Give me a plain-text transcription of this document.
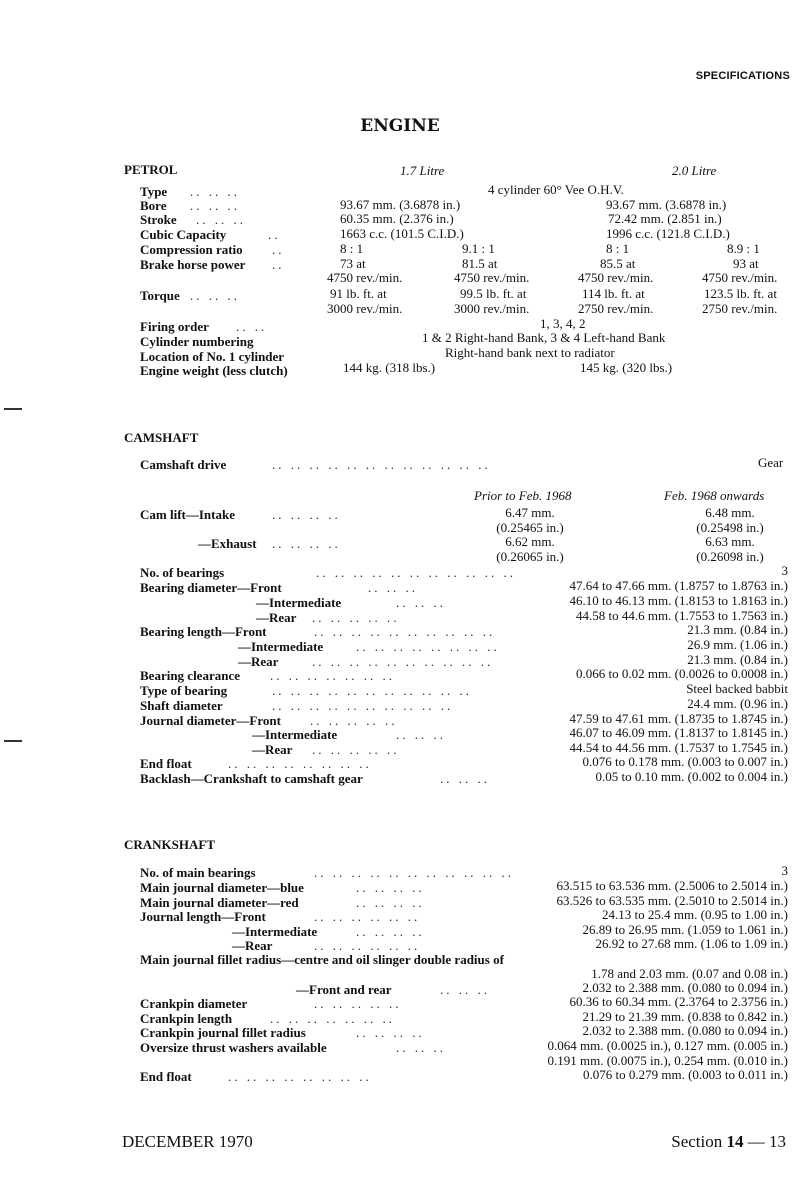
SPECIFICATIONS
ENGINE
PETROL	1.7 Litre	2.0 Litre
Type .. .. ..	4 cylinder 60° Vee O.H.V.
Bore .. .. ..	93.67 mm. (3.6878 in.)	93.67 mm. (3.6878 in.)
Stroke .. .. ..	60.35 mm. (2.376 in.)	72.42 mm. (2.851 in.)
Cubic Capacity	..	1663 c.c. (101.5 C.I.D.)	1996 c.c. (121.8 C.I.D.)
Compression ratio ..	8 : 1	9.1 : 1	8 : 1	8.9 : 1
Brake horse power ..	73 at	81.5 at	85.5 at	93 at
4750 rev./min.	4750 rev./min.	4750 rev./min.	4750 rev./min.
Torque .. .. ..	91 lb. ft. at	99.5 lb. ft. at	114 lb. ft. at	123.5 lb. ft. at
3000 rev./min.	3000 rev./min.	2750 rev./min.	2750 rev./min.
Firing order .. ..	1, 3, 4, 2
Cylinder numbering	1 & 2 Right-hand Bank, 3 & 4 Left-hand Bank
Location of No. 1 cylinder	Right-hand bank next to radiator
Engine weight (less clutch)	144 kg. (318 lbs.)	145 kg. (320 lbs.)
CAMSHAFT
Camshaft drive	.. .. .. .. .. .. .. .. .. .. .. ..	Gear
Prior to Feb. 1968	Feb. 1968 onwards
Cam lift—Intake	.. .. .. ..	6.47 mm.	6.48 mm.
(0.25465 in.)	(0.25498 in.)
—Exhaust .. .. .. ..	6.62 mm.	6.63 mm.
(0.26065 in.)	(0.26098 in.)
No. of bearings	.. .. .. .. .. .. .. .. .. .. ..	3
Bearing diameter—Front	.. .. ..	47.64 to 47.66 mm. (1.8757 to 1.8763 in.)
—Intermediate	.. .. ..	46.10 to 46.13 mm. (1.8153 to 1.8163 in.)
—Rear .. .. .. .. ..	44.58 to 44.6 mm. (1.7553 to 1.7563 in.)
Bearing length—Front	.. .. .. .. .. .. .. .. .. ..	21.3 mm. (0.84 in.)
—Intermediate	.. .. .. .. .. .. .. ..	26.9 mm. (1.06 in.)
—Rear	.. .. .. .. .. .. .. .. .. ..	21.3 mm. (0.84 in.)
Bearing clearance .. .. .. .. .. .. ..	0.066 to 0.02 mm. (0.0026 to 0.0008 in.)
Type of bearing	.. .. .. .. .. .. .. .. .. .. ..	Steel backed babbit
Shaft diameter	.. .. .. .. .. .. .. .. .. ..	24.4 mm. (0.96 in.)
Journal diameter—Front .. .. .. .. ..	47.59 to 47.61 mm. (1.8735 to 1.8745 in.)
—Intermediate	.. .. ..	46.07 to 46.09 mm. (1.8137 to 1.8145 in.)
—Rear .. .. .. .. ..	44.54 to 44.56 mm. (1.7537 to 1.7545 in.)
End float	.. .. .. .. .. .. .. ..	0.076 to 0.178 mm. (0.003 to 0.007 in.)
Backlash—Crankshaft to camshaft gear	.. .. ..	0.05 to 0.10 mm. (0.002 to 0.004 in.)
CRANKSHAFT
No. of main bearings	.. .. .. .. .. .. .. .. .. .. ..	3
Main journal diameter—blue	.. .. .. ..	63.515 to 63.536 mm. (2.5006 to 2.5014 in.)
Main journal diameter—red	.. .. .. ..	63.526 to 63.535 mm. (2.5010 to 2.5014 in.)
Journal length—Front	.. .. .. .. .. ..	24.13 to 25.4 mm. (0.95 to 1.00 in.)
—Intermediate	.. .. .. ..	26.89 to 26.95 mm. (1.059 to 1.061 in.)
—Rear	.. .. .. .. .. ..	26.92 to 27.68 mm. (1.06 to 1.09 in.)
Main journal fillet radius—centre and oil slinger double radius of
1.78 and 2.03 mm. (0.07 and 0.08 in.)
—Front and rear	.. .. ..	2.032 to 2.388 mm. (0.080 to 0.094 in.)
Crankpin diameter	.. .. .. .. ..	60.36 to 60.34 mm. (2.3764 to 2.3756 in.)
Crankpin length	.. .. .. .. .. .. ..	21.29 to 21.39 mm. (0.838 to 0.842 in.)
Crankpin journal fillet radius	.. .. .. ..	2.032 to 2.388 mm. (0.080 to 0.094 in.)
Oversize thrust washers available	.. .. ..	0.064 mm. (0.0025 in.), 0.127 mm. (0.005 in.)
0.191 mm. (0.0075 in.), 0.254 mm. (0.010 in.)
End float	.. .. .. .. .. .. .. ..	0.076 to 0.279 mm. (0.003 to 0.011 in.)
DECEMBER 1970	Section 14 — 13
